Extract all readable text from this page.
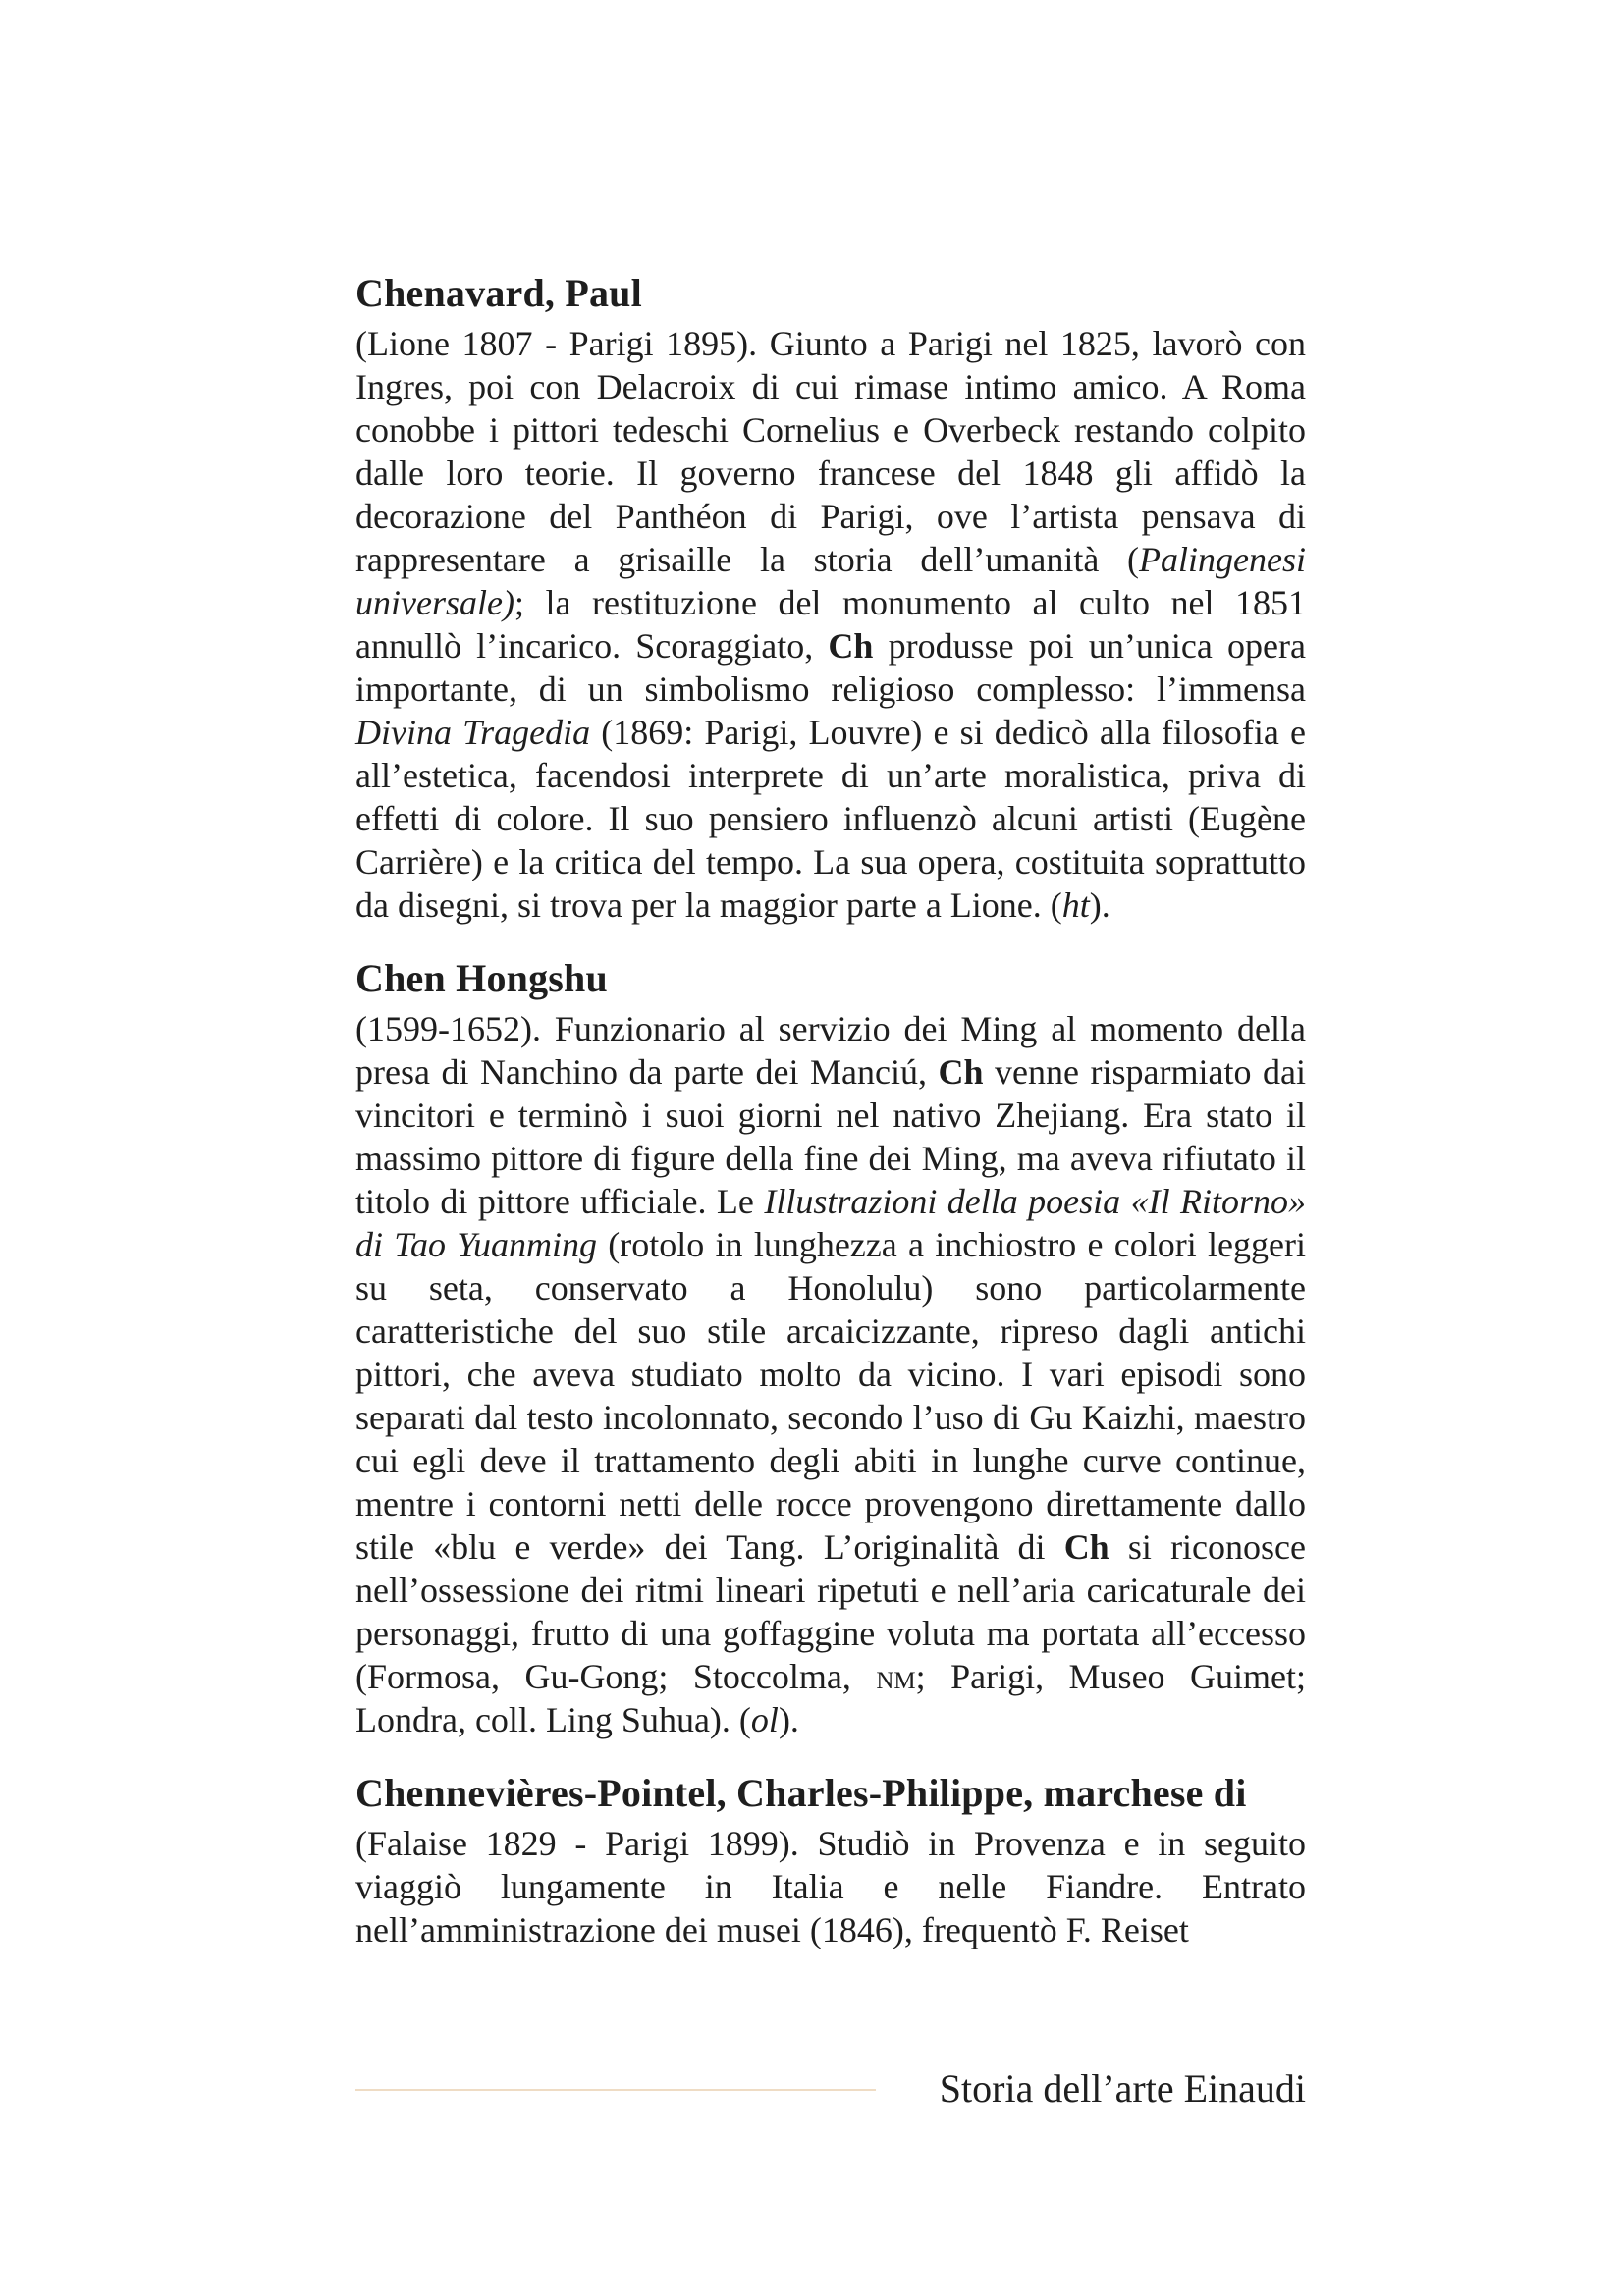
Chenavard, Paul

(Lione 1807 - Parigi 1895). Giunto a Parigi nel 1825, lavorò con Ingres, poi con Delacroix di cui rimase intimo amico. A Roma conobbe i pittori tedeschi Cornelius e Overbeck restando colpito dalle loro teorie. Il governo francese del 1848 gli affidò la decorazione del Panthéon di Parigi, ove l’artista pensava di rappresentare a grisaille la storia dell’umanità (Palingenesi universale); la restituzione del monumento al culto nel 1851 annullò l’incarico. Scoraggiato, Ch produsse poi un’unica opera importante, di un simbolismo religioso complesso: l’immensa Divina Tragedia (1869: Parigi, Louvre) e si dedicò alla filosofia e all’estetica, facendosi interprete di un’arte moralistica, priva di effetti di colore. Il suo pensiero influenzò alcuni artisti (Eugène Carrière) e la critica del tempo. La sua opera, costituita soprattutto da disegni, si trova per la maggior parte a Lione. (ht).

Chen Hongshu

(1599-1652). Funzionario al servizio dei Ming al momento della presa di Nanchino da parte dei Manciú, Ch venne risparmiato dai vincitori e terminò i suoi giorni nel nativo Zhejiang. Era stato il massimo pittore di figure della fine dei Ming, ma aveva rifiutato il titolo di pittore ufficiale. Le Illustrazioni della poesia «Il Ritorno» di Tao Yuanming (rotolo in lunghezza a inchiostro e colori leggeri su seta, conservato a Honolulu) sono particolarmente caratteristiche del suo stile arcaicizzante, ripreso dagli antichi pittori, che aveva studiato molto da vicino. I vari episodi sono separati dal testo incolonnato, secondo l’uso di Gu Kaizhi, maestro cui egli deve il trattamento degli abiti in lunghe curve continue, mentre i contorni netti delle rocce provengono direttamente dallo stile «blu e verde» dei Tang. L’originalità di Ch si riconosce nell’ossessione dei ritmi lineari ripetuti e nell’aria caricaturale dei personaggi, frutto di una goffaggine voluta ma portata all’eccesso (Formosa, Gu-Gong; Stoccolma, nm; Parigi, Museo Guimet; Londra, coll. Ling Suhua). (ol).

Chennevières-Pointel, Charles-Philippe, marchese di

(Falaise 1829 - Parigi 1899). Studiò in Provenza e in seguito viaggiò lungamente in Italia e nelle Fiandre. Entrato nell’amministrazione dei musei (1846), frequentò F. Reiset

Storia dell’arte Einaudi
